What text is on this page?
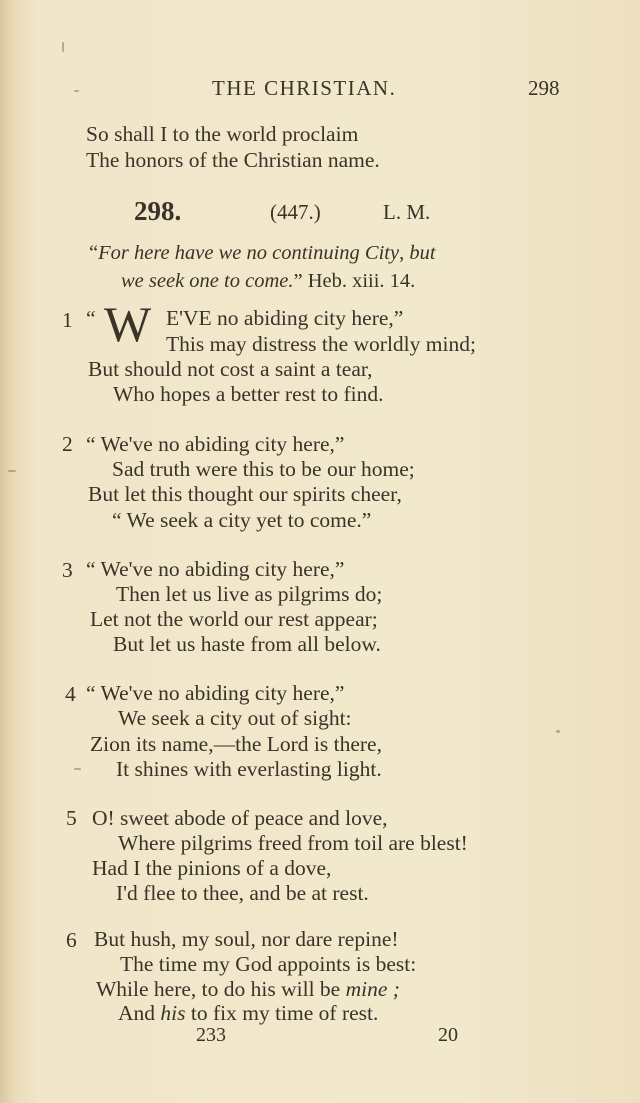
THE CHRISTIAN.	298
So shall I to the world proclaim
The honors of the Christian name.
298.	(447.)	L. M.
“For here have we no continuing City, but
we seek one to come.” Heb. xiii. 14.
1 “ W E'VE no abiding city here,”
This may distress the worldly mind;
But should not cost a saint a tear,
Who hopes a better rest to find.
2 “ We've no abiding city here,”
Sad truth were this to be our home;
But let this thought our spirits cheer,
“ We seek a city yet to come.”
3 “ We've no abiding city here,”
Then let us live as pilgrims do;
Let not the world our rest appear;
But let us haste from all below.
4 “ We've no abiding city here,”
We seek a city out of sight:
Zion its name,—the Lord is there,
It shines with everlasting light.
5 O! sweet abode of peace and love,
Where pilgrims freed from toil are blest!
Had I the pinions of a dove,
I'd flee to thee, and be at rest.
6 But hush, my soul, nor dare repine!
The time my God appoints is best:
While here, to do his will be mine ;
And his to fix my time of rest.
233	20
